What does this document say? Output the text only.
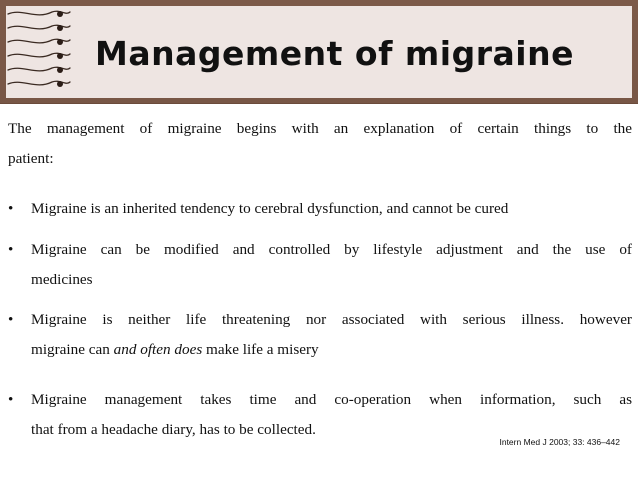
Management of migraine
The management of migraine begins with an explanation of certain things to the
patient:
•	Migraine is an inherited tendency to cerebral dysfunction, and cannot be cured
•	Migraine can be modified and controlled by lifestyle adjustment and the use of
medicines
•	Migraine is neither life threatening nor associated with serious illness. however
migraine can and often does make life a misery
•	Migraine management takes time and co-operation when information, such as
that from a headache diary, has to be collected.
Intern Med J 2003; 33: 436–442
